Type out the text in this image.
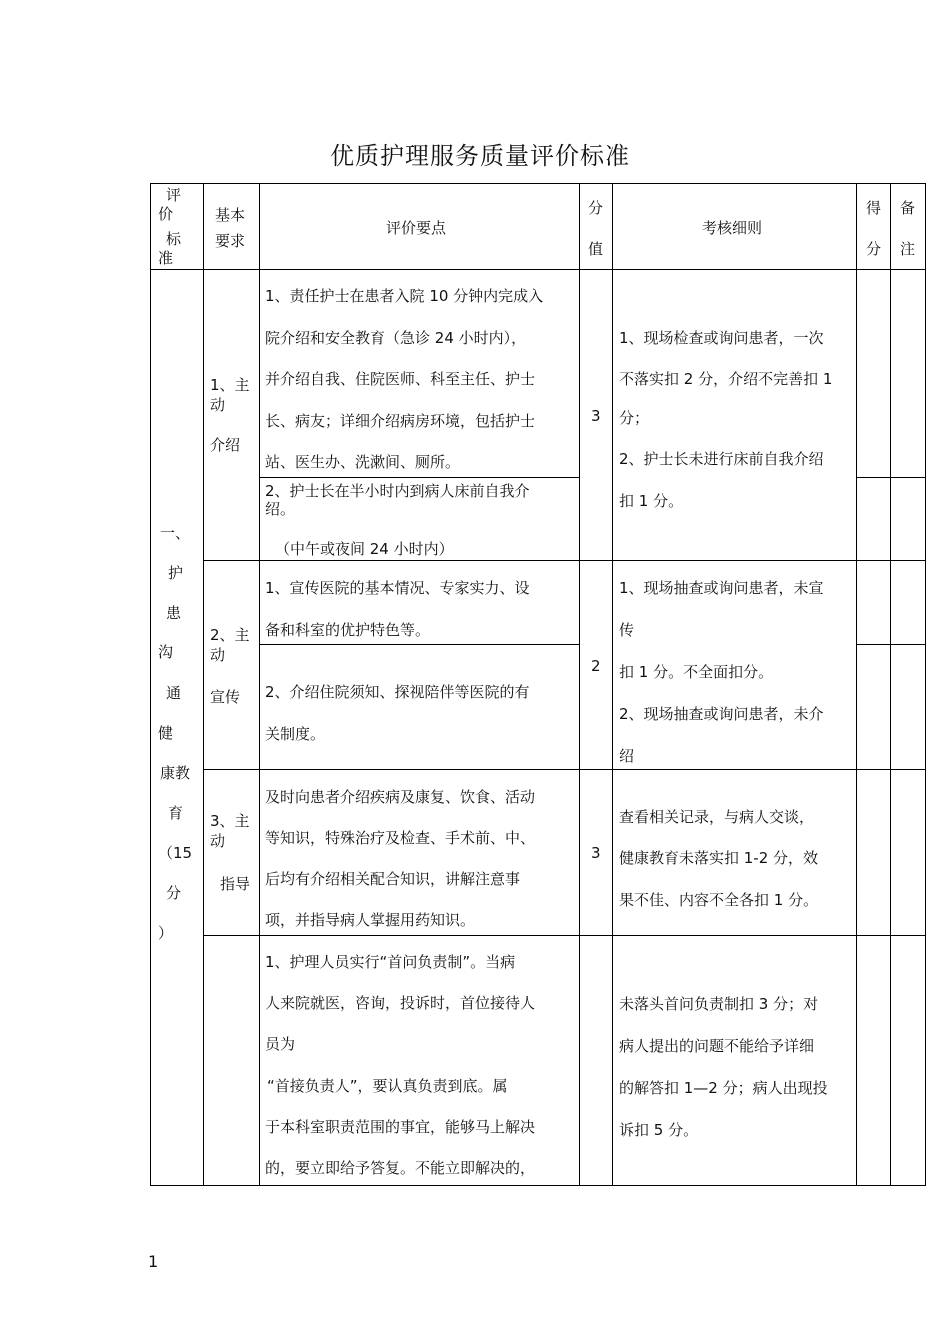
优质护理服务质量评价标准
评
价
标
准
基本
要求
评价要点
分
值
考核细则
得
分
备
注
一、
护
患
沟
通
健
康教
育
（15
分
）
1、主
动
介绍
1、责任护士在患者入院 10 分钟内完成入
院介绍和安全教育（急诊 24 小时内），
并介绍自我、住院医师、科至主任、护士
长、病友；详细介绍病房环境，包括护士
站、医生办、洗漱间、厕所。
2、护士长在半小时内到病人床前自我介
绍。
（中午或夜间 24 小时内）
3
1、现场检查或询问患者，一次
不落实扣 2 分，介绍不完善扣 1
分；
2、护士长未进行床前自我介绍
扣 1 分。
2、主
动
宣传
1、宣传医院的基本情况、专家实力、设
备和科室的优护特色等。
2、介绍住院须知、探视陪伴等医院的有
关制度。
2
1、现场抽查或询问患者，未宣
传
扣 1 分。不全面扣分。
2、现场抽查或询问患者，未介
绍
3、主
动
指导
及时向患者介绍疾病及康复、饮食、活动
等知识，特殊治疗及检查、手术前、中、
后均有介绍相关配合知识，讲解注意事
项，并指导病人掌握用药知识。
3
查看相关记录，与病人交谈，
健康教育未落实扣 1-2 分，效
果不佳、内容不全各扣 1 分。
1、护理人员实行“首问负责制”。当病
人来院就医，咨询，投诉时，首位接待人
员为
“首接负责人”，要认真负责到底。属
于本科室职责范围的事宜，能够马上解决
的，要立即给予答复。不能立即解决的，
未落头首问负责制扣 3 分；对
病人提出的问题不能给予详细
的解答扣 1—2 分；病人出现投
诉扣 5 分。
1
